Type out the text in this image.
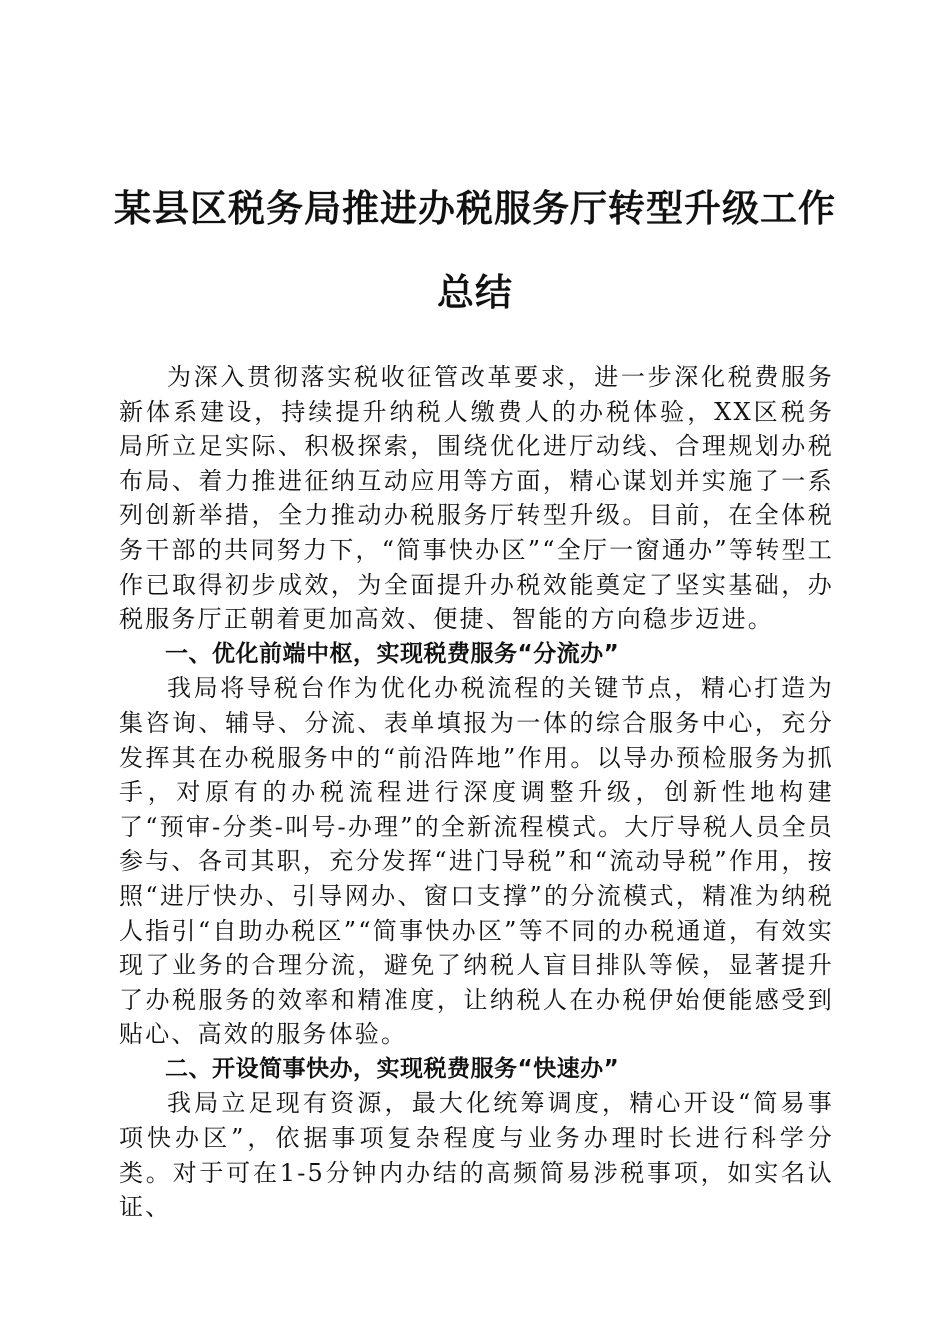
某县区税务局推进办税服务厅转型升级工作总结

为深入贯彻落实税收征管改革要求，进一步深化税费服务新体系建设，持续提升纳税人缴费人的办税体验，XX区税务局所立足实际、积极探索，围绕优化进厅动线、合理规划办税布局、着力推进征纳互动应用等方面，精心谋划并实施了一系列创新举措，全力推动办税服务厅转型升级。目前，在全体税务干部的共同努力下，“简事快办区”“全厅一窗通办”等转型工作已取得初步成效，为全面提升办税效能奠定了坚实基础，办税服务厅正朝着更加高效、便捷、智能的方向稳步迈进。

一、优化前端中枢，实现税费服务“分流办”

我局将导税台作为优化办税流程的关键节点，精心打造为集咨询、辅导、分流、表单填报为一体的综合服务中心，充分发挥其在办税服务中的“前沿阵地”作用。以导办预检服务为抓手，对原有的办税流程进行深度调整升级，创新性地构建了“预审-分类-叫号-办理”的全新流程模式。大厅导税人员全员参与、各司其职，充分发挥“进门导税”和“流动导税”作用，按照“进厅快办、引导网办、窗口支撑”的分流模式，精准为纳税人指引“自助办税区”“简事快办区”等不同的办税通道，有效实现了业务的合理分流，避免了纳税人盲目排队等候，显著提升了办税服务的效率和精准度，让纳税人在办税伊始便能感受到贴心、高效的服务体验。

二、开设简事快办，实现税费服务“快速办”

我局立足现有资源，最大化统筹调度，精心开设“简易事项快办区”，依据事项复杂程度与业务办理时长进行科学分类。对于可在1-5分钟内办结的高频简易涉税事项，如实名认证、
